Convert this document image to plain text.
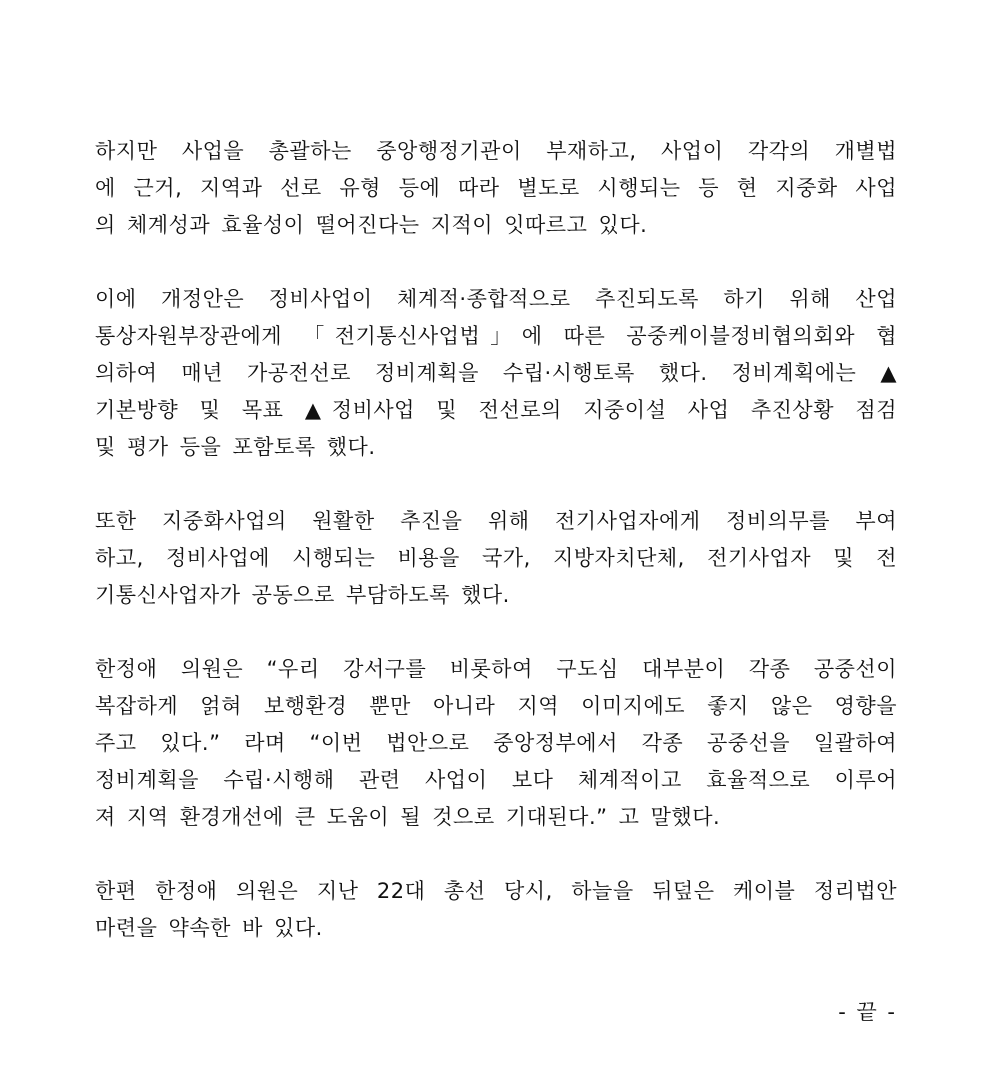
하지만 사업을 총괄하는 중앙행정기관이 부재하고, 사업이 각각의 개별법
에 근거, 지역과 선로 유형 등에 따라 별도로 시행되는 등 현 지중화 사업
의 체계성과 효율성이 떨어진다는 지적이 잇따르고 있다.

이에 개정안은 정비사업이 체계적·종합적으로 추진되도록 하기 위해 산업
통상자원부장관에게 「전기통신사업법」에 따른 공중케이블정비협의회와 협
의하여 매년 가공전선로 정비계획을 수립·시행토록 했다. 정비계획에는 ▲
기본방향 및 목표 ▲정비사업 및 전선로의 지중이설 사업 추진상황 점검
및 평가 등을 포함토록 했다.

또한 지중화사업의 원활한 추진을 위해 전기사업자에게 정비의무를 부여
하고, 정비사업에 시행되는 비용을 국가, 지방자치단체, 전기사업자 및 전
기통신사업자가 공동으로 부담하도록 했다.

한정애 의원은 “우리 강서구를 비롯하여 구도심 대부분이 각종 공중선이
복잡하게 얽혀 보행환경 뿐만 아니라 지역 이미지에도 좋지 않은 영향을
주고 있다.” 라며 “이번 법안으로 중앙정부에서 각종 공중선을 일괄하여
정비계획을 수립·시행해 관련 사업이 보다 체계적이고 효율적으로 이루어
져 지역 환경개선에 큰 도움이 될 것으로 기대된다.” 고 말했다.

한편 한정애 의원은 지난 22대 총선 당시, 하늘을 뒤덮은 케이블 정리법안
마련을 약속한 바 있다.

- 끝 -
